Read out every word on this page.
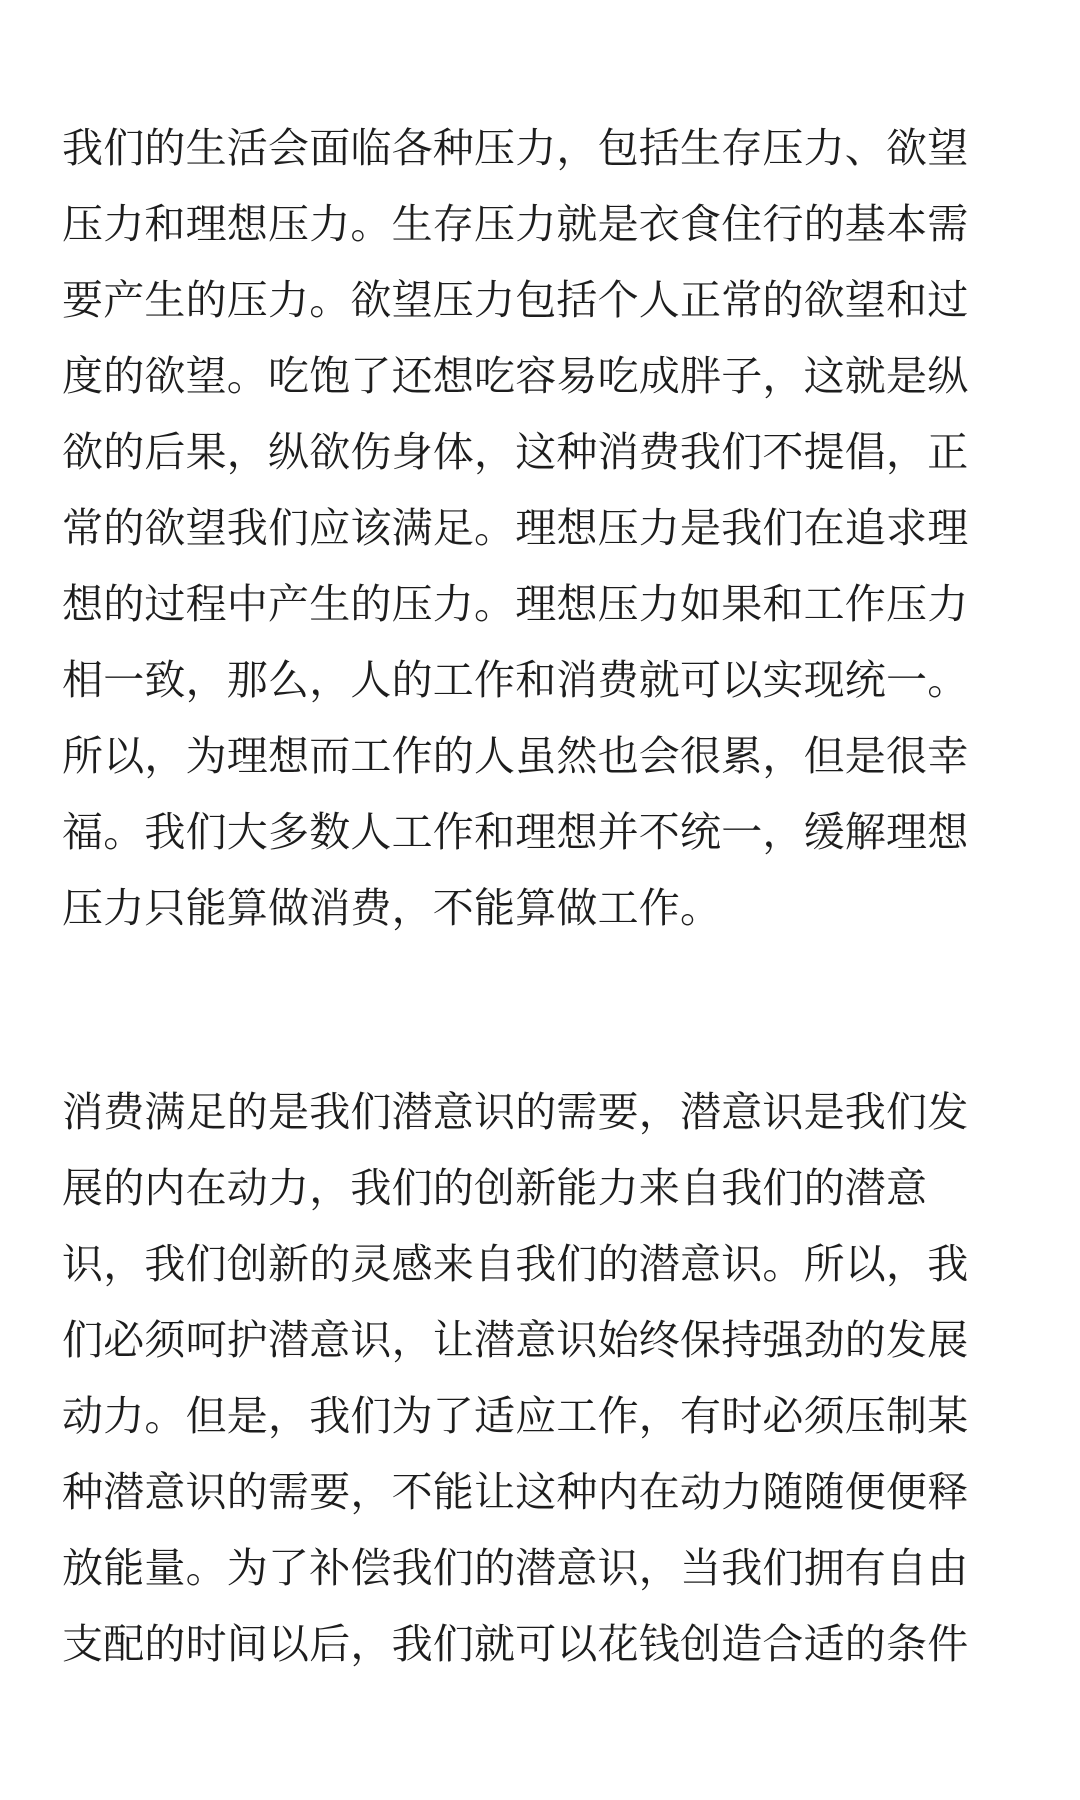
我们的生活会面临各种压力，包括生存压力、欲望
压力和理想压力。生存压力就是衣食住行的基本需
要产生的压力。欲望压力包括个人正常的欲望和过
度的欲望。吃饱了还想吃容易吃成胖子，这就是纵
欲的后果，纵欲伤身体，这种消费我们不提倡，正
常的欲望我们应该满足。理想压力是我们在追求理
想的过程中产生的压力。理想压力如果和工作压力
相一致，那么，人的工作和消费就可以实现统一。
所以，为理想而工作的人虽然也会很累，但是很幸
福。我们大多数人工作和理想并不统一，缓解理想
压力只能算做消费，不能算做工作。

消费满足的是我们潜意识的需要，潜意识是我们发
展的内在动力，我们的创新能力来自我们的潜意
识，我们创新的灵感来自我们的潜意识。所以，我
们必须呵护潜意识，让潜意识始终保持强劲的发展
动力。但是，我们为了适应工作，有时必须压制某
种潜意识的需要，不能让这种内在动力随随便便释
放能量。为了补偿我们的潜意识，当我们拥有自由
支配的时间以后，我们就可以花钱创造合适的条件
